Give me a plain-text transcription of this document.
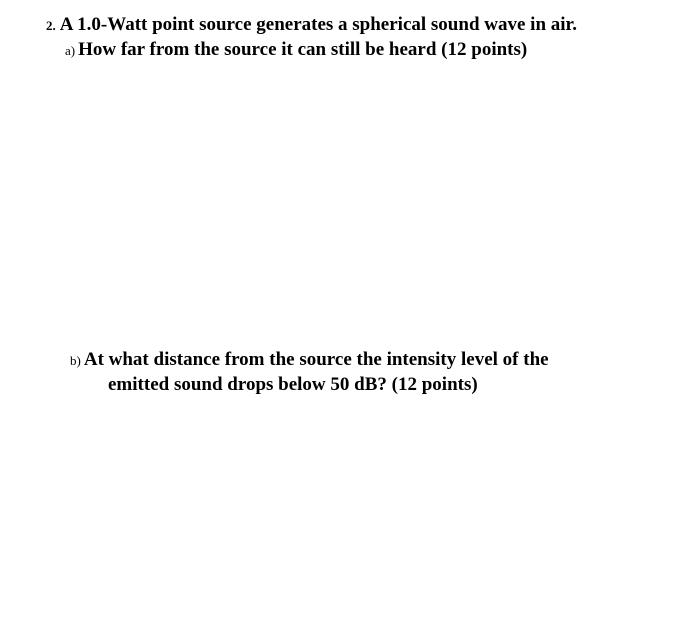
2. A 1.0-Watt point source generates a spherical sound wave in air.
a) How far from the source it can still be heard (12 points)
b) At what distance from the source the intensity level of the
emitted sound drops below 50 dB? (12 points)
